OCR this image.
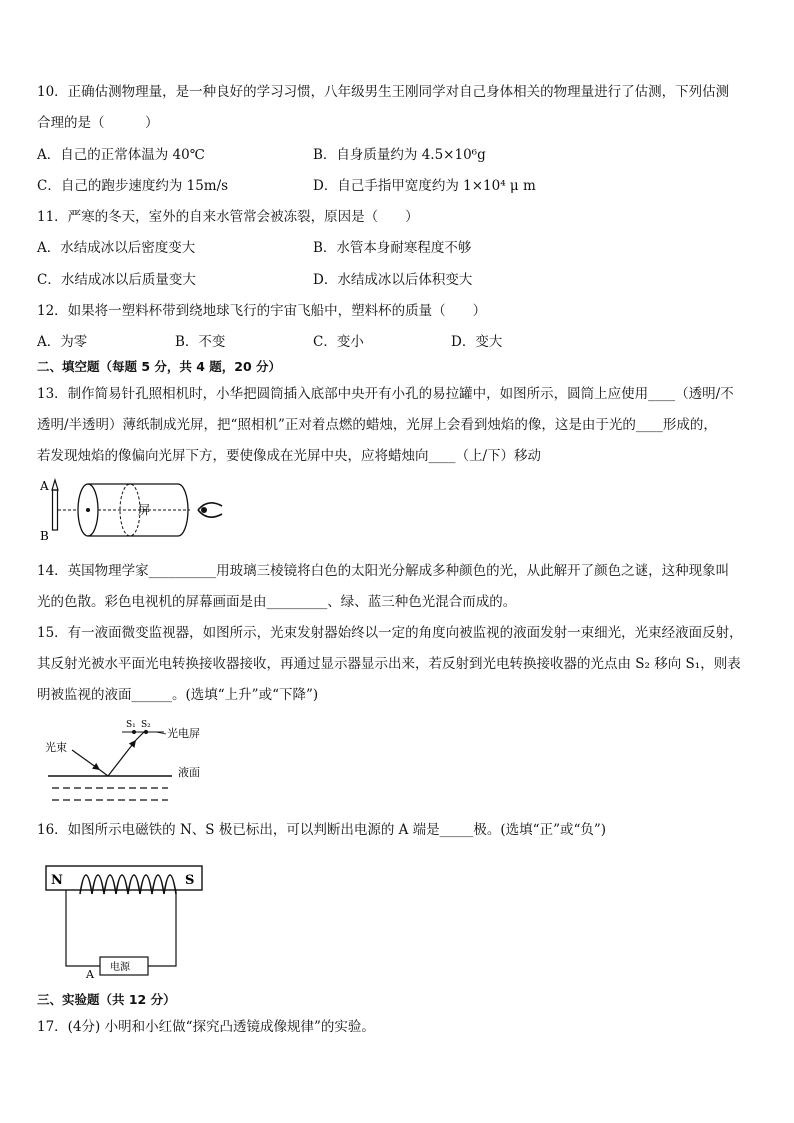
10．正确估测物理量，是一种良好的学习习惯，八年级男生王刚同学对自己身体相关的物理量进行了估测，下列估测
合理的是（　　　）
A．自己的正常体温为 40℃	B．自身质量约为 4.5×10⁶g
C．自己的跑步速度约为 15m/s	D．自己手指甲宽度约为 1×10⁴ μ m
11．严寒的冬天，室外的自来水管常会被冻裂，原因是（　　）
A．水结成冰以后密度变大	B．水管本身耐寒程度不够
C．水结成冰以后质量变大	D．水结成冰以后体积变大
12．如果将一塑料杯带到绕地球飞行的宇宙飞船中，塑料杯的质量（　　）
A．为零	B．不变	C．变小	D．变大
二、填空题（每题 5 分，共 4 题，20 分）
13．制作简易针孔照相机时，小华把圆筒插入底部中央开有小孔的易拉罐中，如图所示，圆筒上应使用____（透明/不
透明/半透明）薄纸制成光屏，把“照相机”正对着点燃的蜡烛，光屏上会看到烛焰的像，这是由于光的____形成的，
若发现烛焰的像偏向光屏下方，要使像成在光屏中央，应将蜡烛向____（上/下）移动
A
B
屏
14．英国物理学家__________用玻璃三棱镜将白色的太阳光分解成多种颜色的光，从此解开了颜色之谜，这种现象叫
光的色散。彩色电视机的屏幕画面是由_________、绿、蓝三种色光混合而成的。
15．有一液面微变监视器，如图所示，光束发射器始终以一定的角度向被监视的液面发射一束细光，光束经液面反射，
其反射光被水平面光电转换接收器接收，再通过显示器显示出来，若反射到光电转换接收器的光点由 S₂ 移向 S₁，则表
明被监视的液面______。(选填“上升”或“下降”)
光束
S₁ S₂
光电屏
液面
16．如图所示电磁铁的 N、S 极已标出，可以判断出电源的 A 端是_____极。(选填“正”或“负”)
N	S
电源
A
三、实验题（共 12 分）
17．(4分) 小明和小红做“探究凸透镜成像规律”的实验。
